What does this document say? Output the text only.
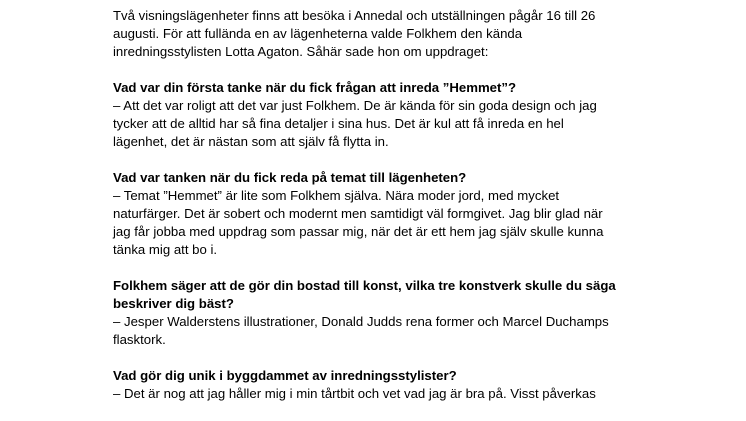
Två visningslägenheter finns att besöka i Annedal och utställningen pågår 16 till 26
augusti. För att fullända en av lägenheterna valde Folkhem den kända
inredningsstylisten Lotta Agaton. Såhär sade hon om uppdraget:
Vad var din första tanke när du fick frågan att inreda ”Hemmet”?
– Att det var roligt att det var just Folkhem. De är kända för sin goda design och jag
tycker att de alltid har så fina detaljer i sina hus. Det är kul att få inreda en hel
lägenhet, det är nästan som att själv få flytta in.
Vad var tanken när du fick reda på temat till lägenheten?
– Temat ”Hemmet” är lite som Folkhem själva. Nära moder jord, med mycket
naturfärger. Det är sobert och modernt men samtidigt väl formgivet. Jag blir glad när
jag får jobba med uppdrag som passar mig, när det är ett hem jag själv skulle kunna
tänka mig att bo i.
Folkhem säger att de gör din bostad till konst, vilka tre konstverk skulle du säga
beskriver dig bäst?
– Jesper Walderstens illustrationer, Donald Judds rena former och Marcel Duchamps
flasktork.
Vad gör dig unik i byggdammet av inredningsstylister?
– Det är nog att jag håller mig i min tårtbit och vet vad jag är bra på. Visst påverkas
